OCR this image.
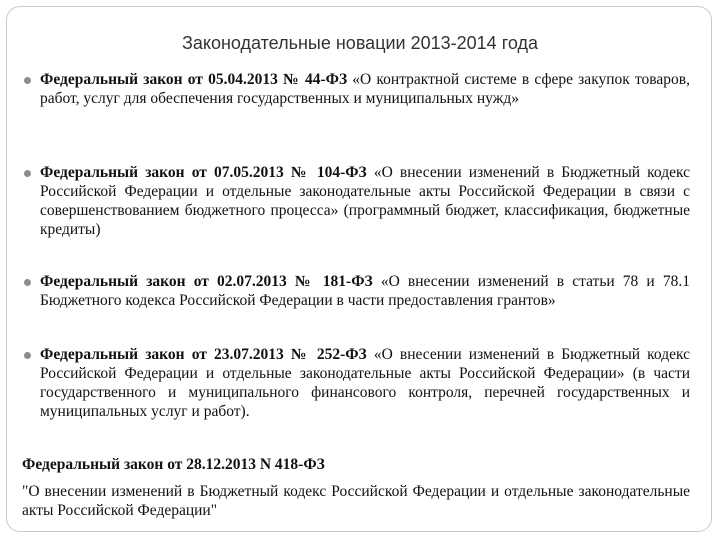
Законодательные новации 2013-2014 года
Федеральный закон от 05.04.2013 № 44-ФЗ «О контрактной системе в сфере закупок товаров, работ, услуг для обеспечения государственных и муниципальных нужд»
Федеральный закон от 07.05.2013 № 104-ФЗ «О внесении изменений в Бюджетный кодекс Российской Федерации и отдельные законодательные акты Российской Федерации в связи с совершенствованием бюджетного процесса» (программный бюджет, классификация, бюджетные кредиты)
Федеральный закон от 02.07.2013 № 181-ФЗ «О внесении изменений в статьи 78 и 78.1 Бюджетного кодекса Российской Федерации в части предоставления грантов»
Федеральный закон от 23.07.2013 № 252-ФЗ «О внесении изменений в Бюджетный кодекс Российской Федерации и отдельные законодательные акты Российской Федерации» (в части государственного и муниципального финансового контроля, перечней государственных и муниципальных услуг и работ).
Федеральный закон от 28.12.2013 N 418-ФЗ
"О внесении изменений в Бюджетный кодекс Российской Федерации и отдельные законодательные акты Российской Федерации"
